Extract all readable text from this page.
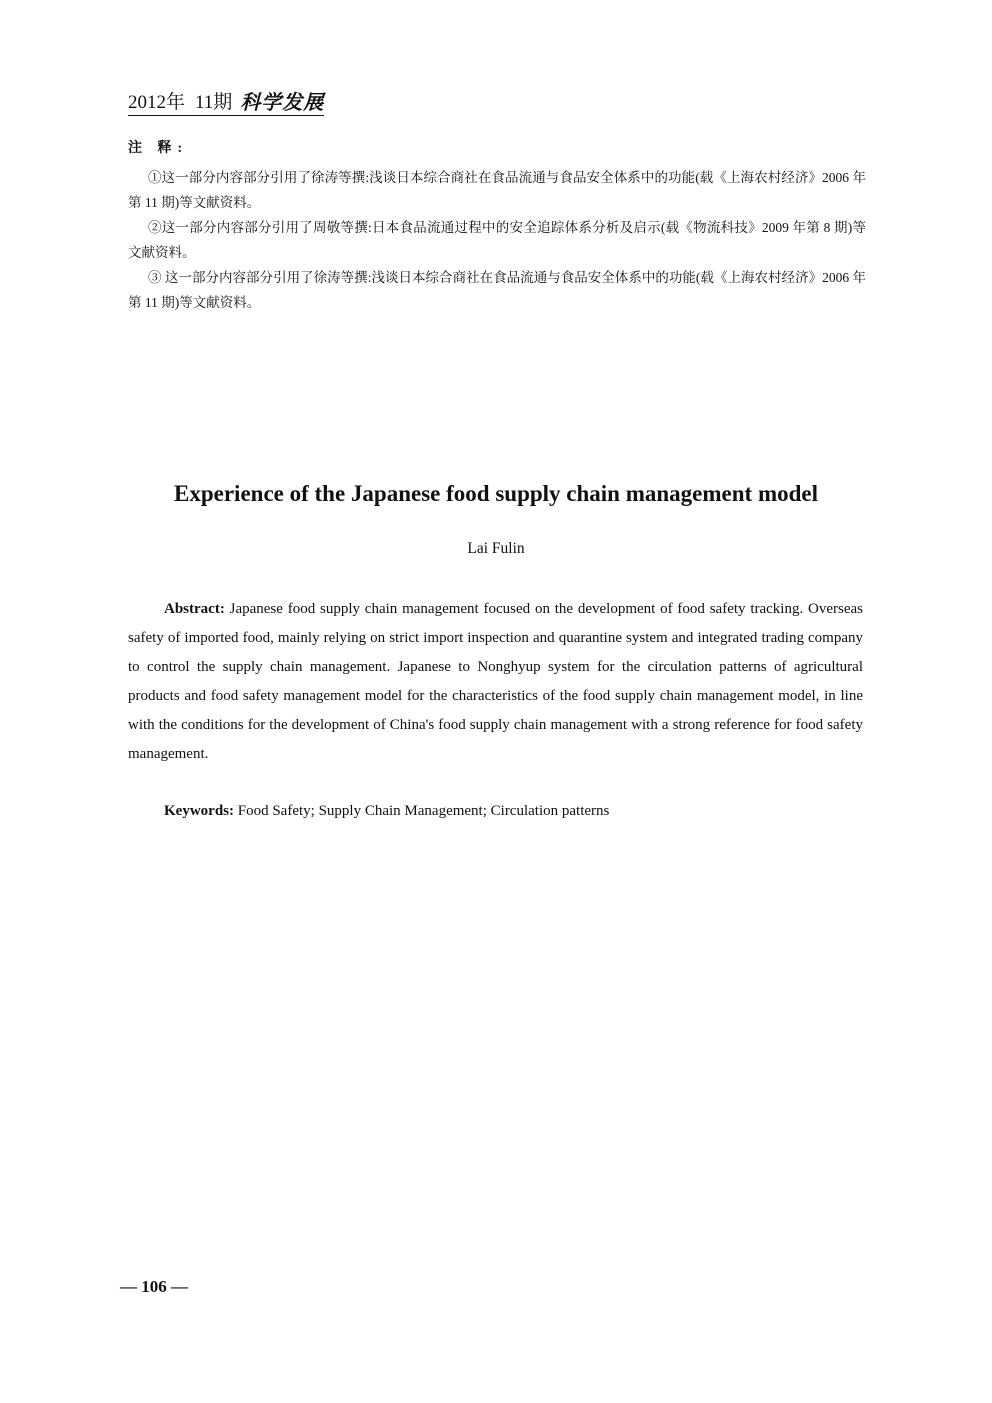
2012年 11期 科学发展
注 释:

①这一部分内容部分引用了徐涛等撰:浅谈日本综合商社在食品流通与食品安全体系中的功能(载《上海农村经济》2006 年第 11 期)等文献资料。

②这一部分内容部分引用了周敬等撰:日本食品流通过程中的安全追踪体系分析及启示(载《物流科技》2009 年第 8 期)等文献资料。

③ 这一部分内容部分引用了徐涛等撰:浅谈日本综合商社在食品流通与食品安全体系中的功能(载《上海农村经济》2006 年第 11 期)等文献资料。

Experience of the Japanese food supply chain management model
Lai Fulin

Abstract: Japanese food supply chain management focused on the development of food safety tracking. Overseas safety of imported food, mainly relying on strict import inspection and quarantine system and integrated trading company to control the supply chain management. Japanese to Nonghyup system for the circulation patterns of agricultural products and food safety management model for the characteristics of the food supply chain management model, in line with the conditions for the development of China's food supply chain management with a strong reference for food safety management.

Keywords: Food Safety; Supply Chain Management; Circulation patterns

— 106 —
